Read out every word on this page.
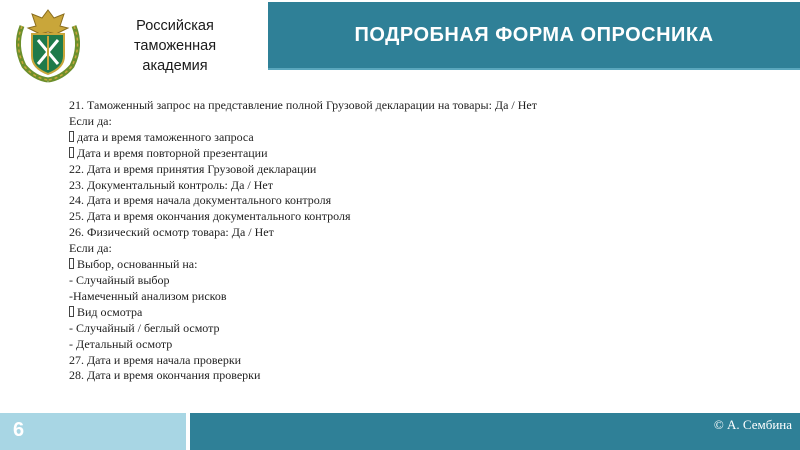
Российская
таможенная
академия
ПОДРОБНАЯ ФОРМА ОПРОСНИКА
21. Таможенный запрос на представление полной Грузовой декларации на товары: Да / Нет
Если да:
дата и время таможенного запроса
Дата и время повторной презентации
22. Дата и время принятия Грузовой декларации
23. Документальный контроль: Да / Нет
24. Дата и время начала документального контроля
25. Дата и время окончания документального контроля
26. Физический осмотр товара: Да / Нет
Если да:
Выбор, основанный на:
- Случайный выбор
-Намеченный анализом рисков
Вид осмотра
- Случайный / беглый осмотр
- Детальный осмотр
27. Дата и время начала проверки
28. Дата и время окончания проверки
6	© А. Сембина
